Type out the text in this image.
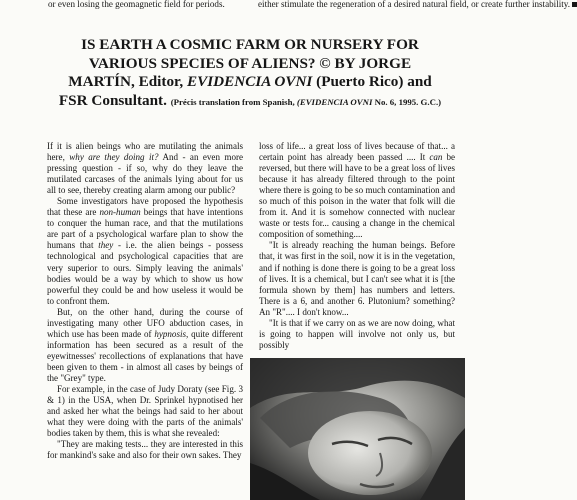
or even losing the geomagnetic field for periods.	either stimulate the regeneration of a desired natural field, or create further instability.
IS EARTH A COSMIC FARM OR NURSERY FOR
VARIOUS SPECIES OF ALIENS? © BY JORGE
MARTÍN, Editor, EVIDENCIA OVNI (Puerto Rico) and
FSR Consultant. (Précis translation from Spanish, (EVIDENCIA OVNI No. 6, 1995. G.C.)

If it is alien beings who are mutilating the animals here, why are they doing it? And - an even more pressing question - if so, why do they leave the mutilated carcases of the animals lying about for us all to see, thereby creating alarm among our public?

Some investigators have proposed the hypothesis that these are non-human beings that have intentions to conquer the human race, and that the mutilations are part of a psychological warfare plan to show the humans that they - i.e. the alien beings - possess technological and psychological capacities that are very superior to ours. Simply leaving the animals' bodies would be a way by which to show us how powerful they could be and how useless it would be to confront them.

But, on the other hand, during the course of investigating many other UFO abduction cases, in which use has been made of hypnosis, quite different information has been secured as a result of the eyewitnesses' recollections of explanations that have been given to them - in almost all cases by beings of the "Grey" type.

For example, in the case of Judy Doraty (see Fig. 3 & 1) in the USA, when Dr. Sprinkel hypnotised her and asked her what the beings had said to her about what they were doing with the parts of the animals' bodies taken by them, this is what she revealed:

"They are making tests... they are interested in this for mankind's sake and also for their own sakes. They

loss of life... a great loss of lives because of that... a certain point has already been passed .... It can be reversed, but there will have to be a great loss of lives because it has already filtered through to the point where there is going to be so much contamination and so much of this poison in the water that folk will die from it. And it is somehow connected with nuclear waste or tests for... causing a change in the chemical composition of something....

"It is already reaching the human beings. Before that, it was first in the soil, now it is in the vegetation, and if nothing is done there is going to be a great loss of lives. It is a chemical, but I can't see what it is [the formula shown by them] has numbers and letters. There is a 6, and another 6. Plutonium? something? An "R".... I don't know...

"It is that if we carry on as we are now doing, what is going to happen will involve not only us, but possibly
